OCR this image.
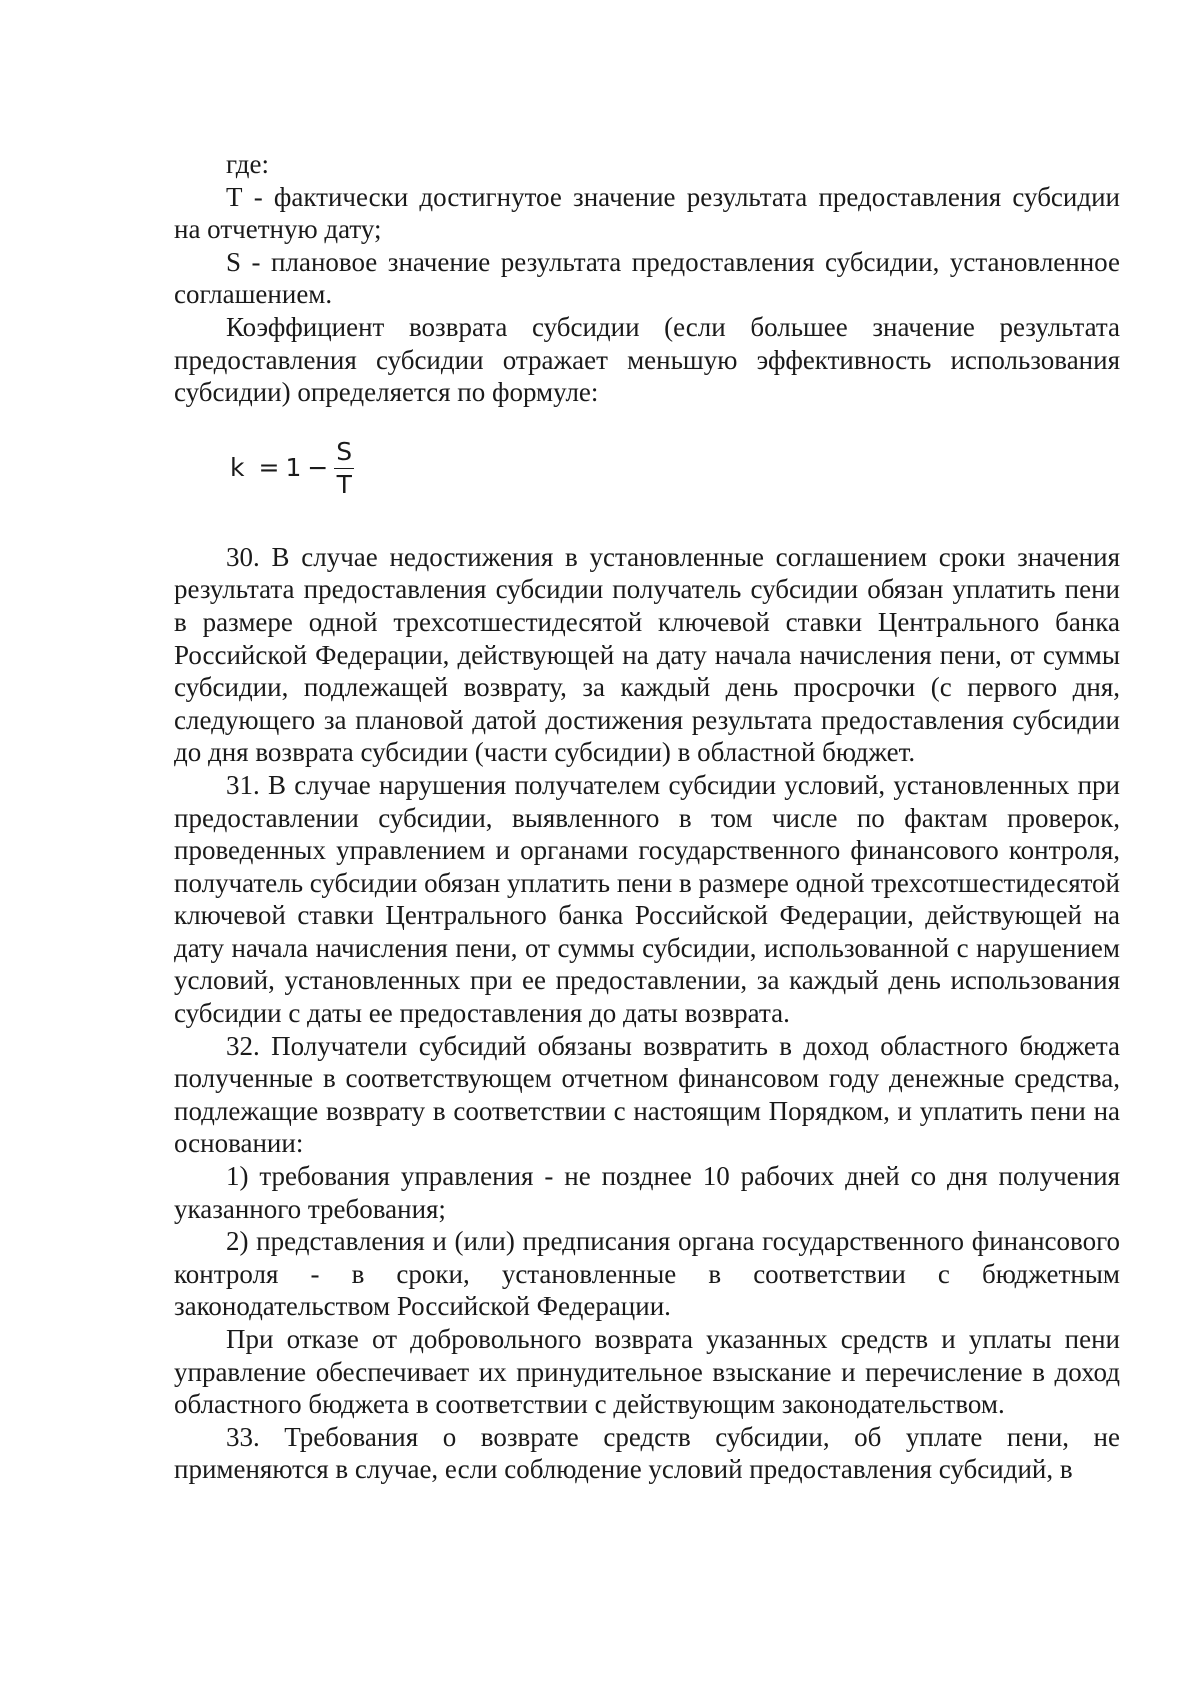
где:

Т - фактически достигнутое значение результата предоставления субсидии на отчетную дату;

S - плановое значение результата предоставления субсидии, установленное соглашением.

Коэффициент возврата субсидии (если большее значение результата предоставления субсидии отражает меньшую эффективность использования субсидии) определяется по формуле:

$k = 1 - \frac{S}{T}$

30. В случае недостижения в установленные соглашением сроки значения результата предоставления субсидии получатель субсидии обязан уплатить пени в размере одной трехсотшестидесятой ключевой ставки Центрального банка Российской Федерации, действующей на дату начала начисления пени, от суммы субсидии, подлежащей возврату, за каждый день просрочки (с первого дня, следующего за плановой датой достижения результата предоставления субсидии до дня возврата субсидии (части субсидии) в областной бюджет.

31. В случае нарушения получателем субсидии условий, установленных при предоставлении субсидии, выявленного в том числе по фактам проверок, проведенных управлением и органами государственного финансового контроля, получатель субсидии обязан уплатить пени в размере одной трехсотшестидесятой ключевой ставки Центрального банка Российской Федерации, действующей на дату начала начисления пени, от суммы субсидии, использованной с нарушением условий, установленных при ее предоставлении, за каждый день использования субсидии с даты ее предоставления до даты возврата.

32. Получатели субсидий обязаны возвратить в доход областного бюджета полученные в соответствующем отчетном финансовом году денежные средства, подлежащие возврату в соответствии с настоящим Порядком, и уплатить пени на основании:

1) требования управления - не позднее 10 рабочих дней со дня получения указанного требования;

2) представления и (или) предписания органа государственного финансового контроля - в сроки, установленные в соответствии с бюджетным законодательством Российской Федерации.

При отказе от добровольного возврата указанных средств и уплаты пени управление обеспечивает их принудительное взыскание и перечисление в доход областного бюджета в соответствии с действующим законодательством.

33. Требования о возврате средств субсидии, об уплате пени, не применяются в случае, если соблюдение условий предоставления субсидий, в
